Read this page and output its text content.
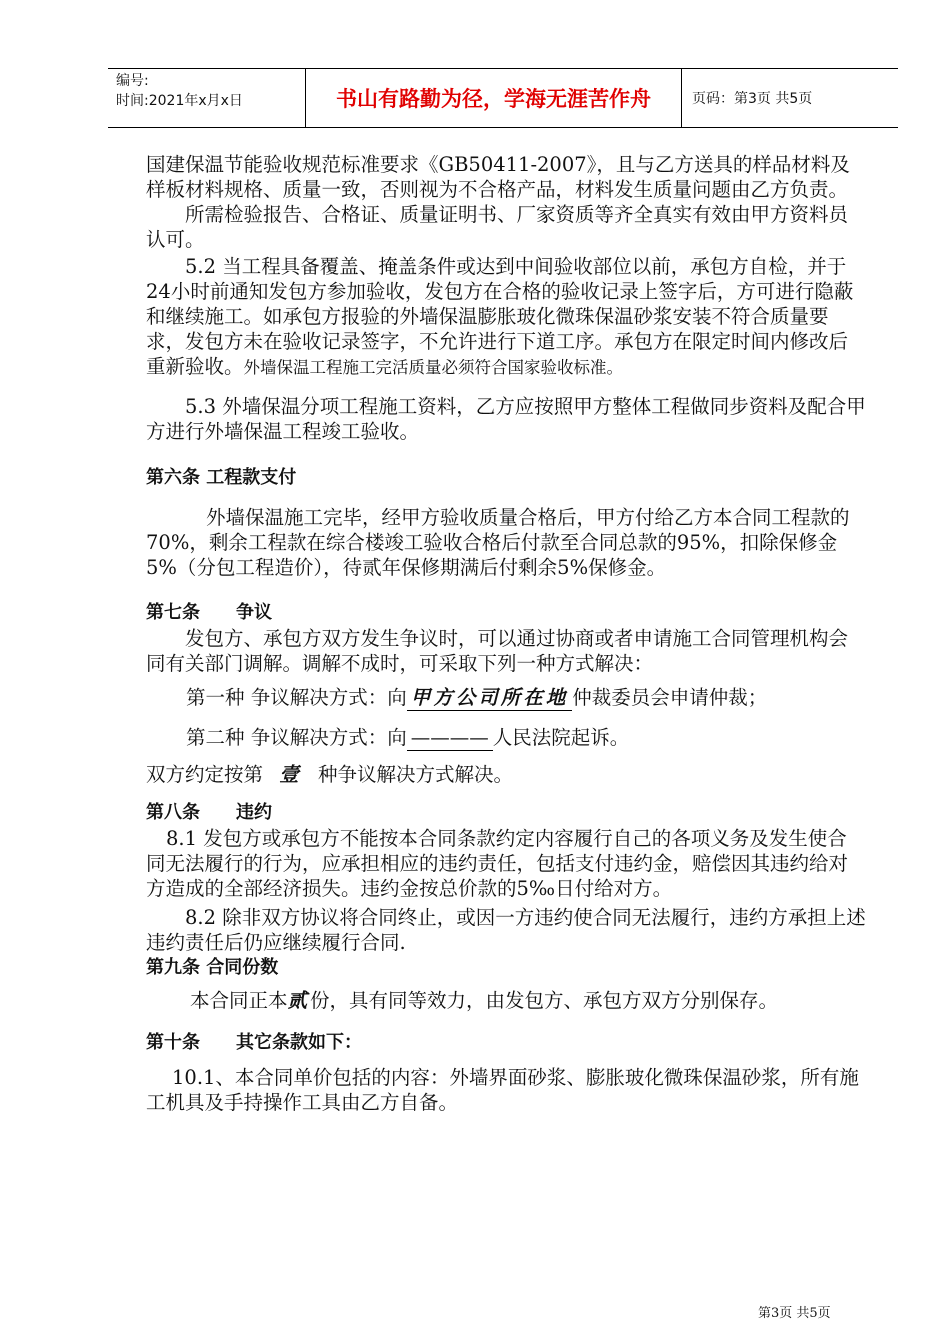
编号:
时间:2021年x月x日	书山有路勤为径，学海无涯苦作舟	页码：第3页 共5页

国建保温节能验收规范标准要求《GB50411-2007》，且与乙方送具的样品材料及样板材料规格、质量一致，否则视为不合格产品，材料发生质量问题由乙方负责。

所需检验报告、合格证、质量证明书、厂家资质等齐全真实有效由甲方资料员认可。

5.2 当工程具备覆盖、掩盖条件或达到中间验收部位以前，承包方自检，并于24小时前通知发包方参加验收，发包方在合格的验收记录上签字后，方可进行隐蔽和继续施工。如承包方报验的外墙保温膨胀玻化微珠保温砂浆安装不符合质量要求，发包方未在验收记录签字，不允许进行下道工序。承包方在限定时间内修改后重新验收。外墙保温工程施工完活质量必须符合国家验收标准。

5.3 外墙保温分项工程施工资料，乙方应按照甲方整体工程做同步资料及配合甲方进行外墙保温工程竣工验收。

第六条 工程款支付

外墙保温施工完毕，经甲方验收质量合格后，甲方付给乙方本合同工程款的70%，剩余工程款在综合楼竣工验收合格后付款至合同总款的95%，扣除保修金5%（分包工程造价），待贰年保修期满后付剩余5%保修金。

第七条　　争议

发包方、承包方双方发生争议时，可以通过协商或者申请施工合同管理机构会同有关部门调解。调解不成时，可采取下列一种方式解决：

第一种 争议解决方式：向 甲方公司所在地 仲裁委员会申请仲裁；

第二种 争议解决方式：向 ———— 人民法院起诉。

双方约定按第 壹 种争议解决方式解决。

第八条　　违约

8.1 发包方或承包方不能按本合同条款约定内容履行自己的各项义务及发生使合同无法履行的行为，应承担相应的违约责任，包括支付违约金，赔偿因其违约给对方造成的全部经济损失。违约金按总价款的5‰日付给对方。

8.2 除非双方协议将合同终止，或因一方违约使合同无法履行，违约方承担上述违约责任后仍应继续履行合同.

第九条 合同份数

本合同正本贰份，具有同等效力，由发包方、承包方双方分别保存。

第十条　　其它条款如下：

10.1、本合同单价包括的内容：外墙界面砂浆、膨胀玻化微珠保温砂浆，所有施工机具及手持操作工具由乙方自备。

第3页 共5页
